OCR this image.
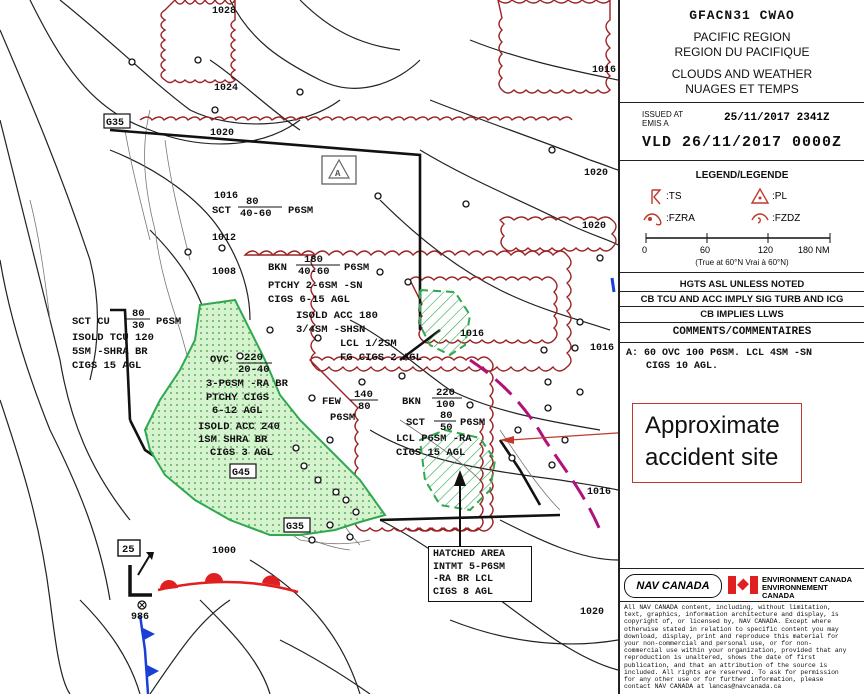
25
1028
1024
1020
1016
1012
1008
1016
1020
1016
1016
1016
1020
1000
986
1020
G35
G45
G35
A
SCT
80
40-60 P6SM
BKN
180
40-60 P6SM
PTCHY 2-6SM -SN
CIGS 6-15 AGL
ISOLD ACC 180
3/4SM -SHSN
LCL 1/2SM
FG CIGS 2 AGL
SCT CU
80
30 P6SM
ISOLD TCU 120
5SM -SHRA BR
CIGS 15 AGL	OVC 220
20-40
3-P6SM -RA BR
PTCHY CIGS
6-12 AGL
ISOLD ACC 240
1SM SHRA BR
CIGS 3 AGL
FEW
140
80
P6SM
BKN
220
100
SCT
80
50 P6SM
LCL P6SM -RA
CIGS 15 AGL
GFACN31 CWAO
PACIFIC REGION
REGION DU PACIFIQUE
CLOUDS AND WEATHER
NUAGES ET TEMPS
ISSUED AT
EMIS A	25/11/2017 2341Z
VLD 26/11/2017 0000Z
LEGEND/LEGENDE
:TS	:PL
:FZRA	:FZDZ
0	60	120	180 NM
(True at 60°N Vrai à 60°N)
HGTS ASL UNLESS NOTED
CB TCU AND ACC IMPLY SIG TURB AND ICG
CB IMPLIES LLWS
COMMENTS/COMMENTAIRES
A: 60 OVC 100 P6SM. LCL 4SM -SN
CIGS 10 AGL.
NAV CANADA
ENVIRONMENT CANADA
ENVIRONNEMENT CANADA
All NAV CANADA content, including, without limitation,
text, graphics, information architecture and display, is
copyright of, or licensed by, NAV CANADA. Except where
otherwise stated in relation to specific content you may
download, display, print and reproduce this material for
your non-commercial and personal use, or for non-
commercial use within your organization, provided that any
reproduction is unaltered, shows the date of first
publication, and that an attribution of the source is
included. All rights are reserved. To ask for permission
for any other use or for further information, please
contact NAV CANADA at lancas@navcanada.ca
HATCHED AREA
INTMT 5-P6SM
-RA BR LCL
CIGS 8 AGL
Approximate
accident site
